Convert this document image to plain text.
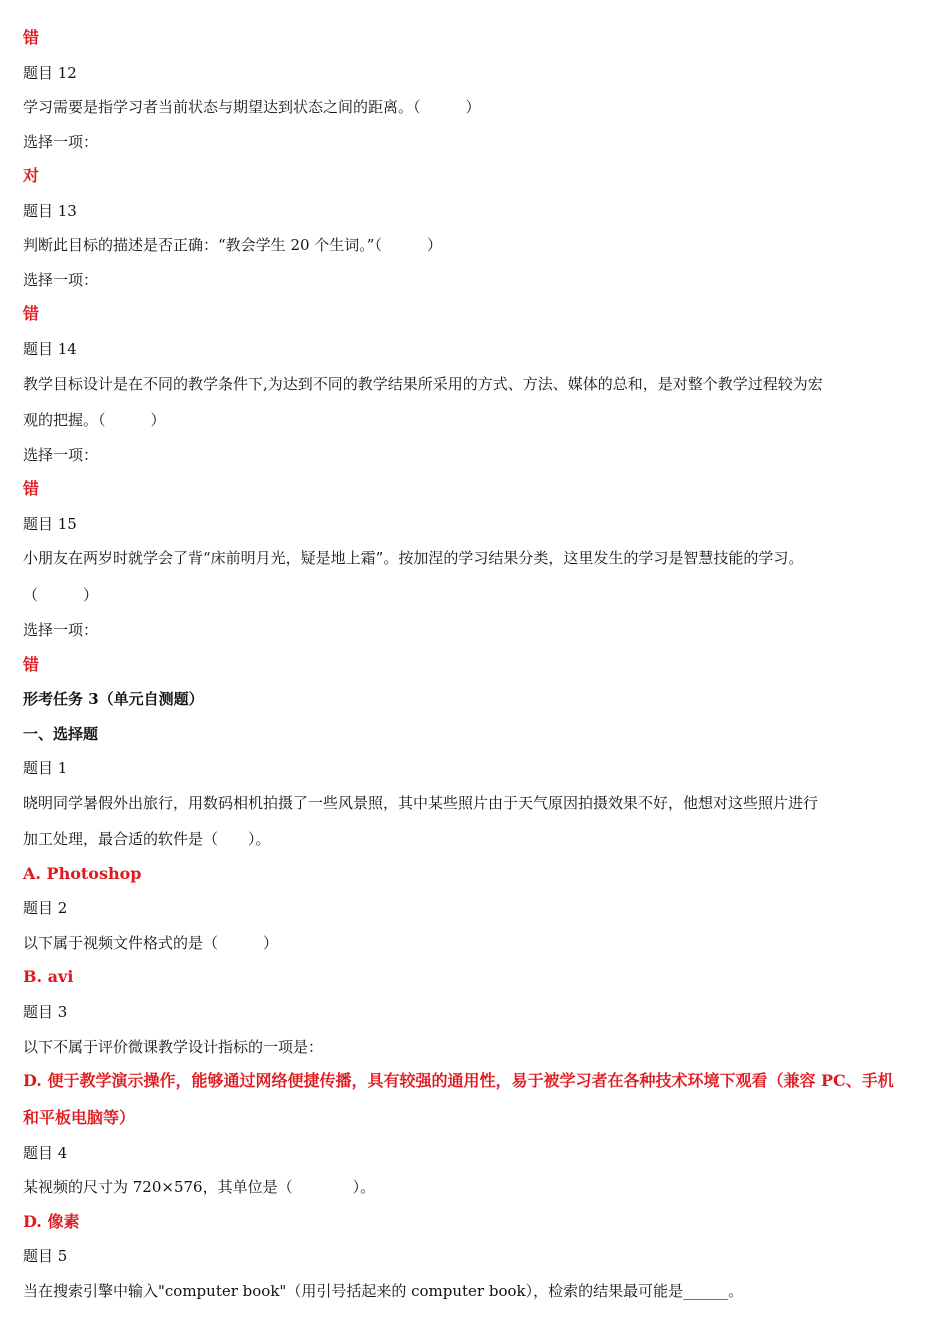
错
题目 12
学习需要是指学习者当前状态与期望达到状态之间的距离。（　　　）
选择一项：
对
题目 13
判断此目标的描述是否正确：“教会学生 20 个生词。”（　　　）
选择一项：
错
题目 14
教学目标设计是在不同的教学条件下,为达到不同的教学结果所采用的方式、方法、媒体的总和，是对整个教学过程较为宏
观的把握。（　　　）
选择一项：
错
题目 15
小朋友在两岁时就学会了背“床前明月光，疑是地上霜”。按加涅的学习结果分类，这里发生的学习是智慧技能的学习。
（　　　）
选择一项：
错
形考任务 3（单元自测题）
一、选择题
题目 1
晓明同学暑假外出旅行，用数码相机拍摄了一些风景照，其中某些照片由于天气原因拍摄效果不好，他想对这些照片进行
加工处理，最合适的软件是（　　）。
A. Photoshop
题目 2
以下属于视频文件格式的是（　　　）
B. avi
题目 3
以下不属于评价微课教学设计指标的一项是：
D. 便于教学演示操作，能够通过网络便捷传播，具有较强的通用性，易于被学习者在各种技术环境下观看（兼容 PC、手机
和平板电脑等）
题目 4
某视频的尺寸为 720×576，其单位是（　　　　）。
D. 像素
题目 5
当在搜索引擎中输入"computer book"（用引号括起来的 computer book），检索的结果最可能是______。
